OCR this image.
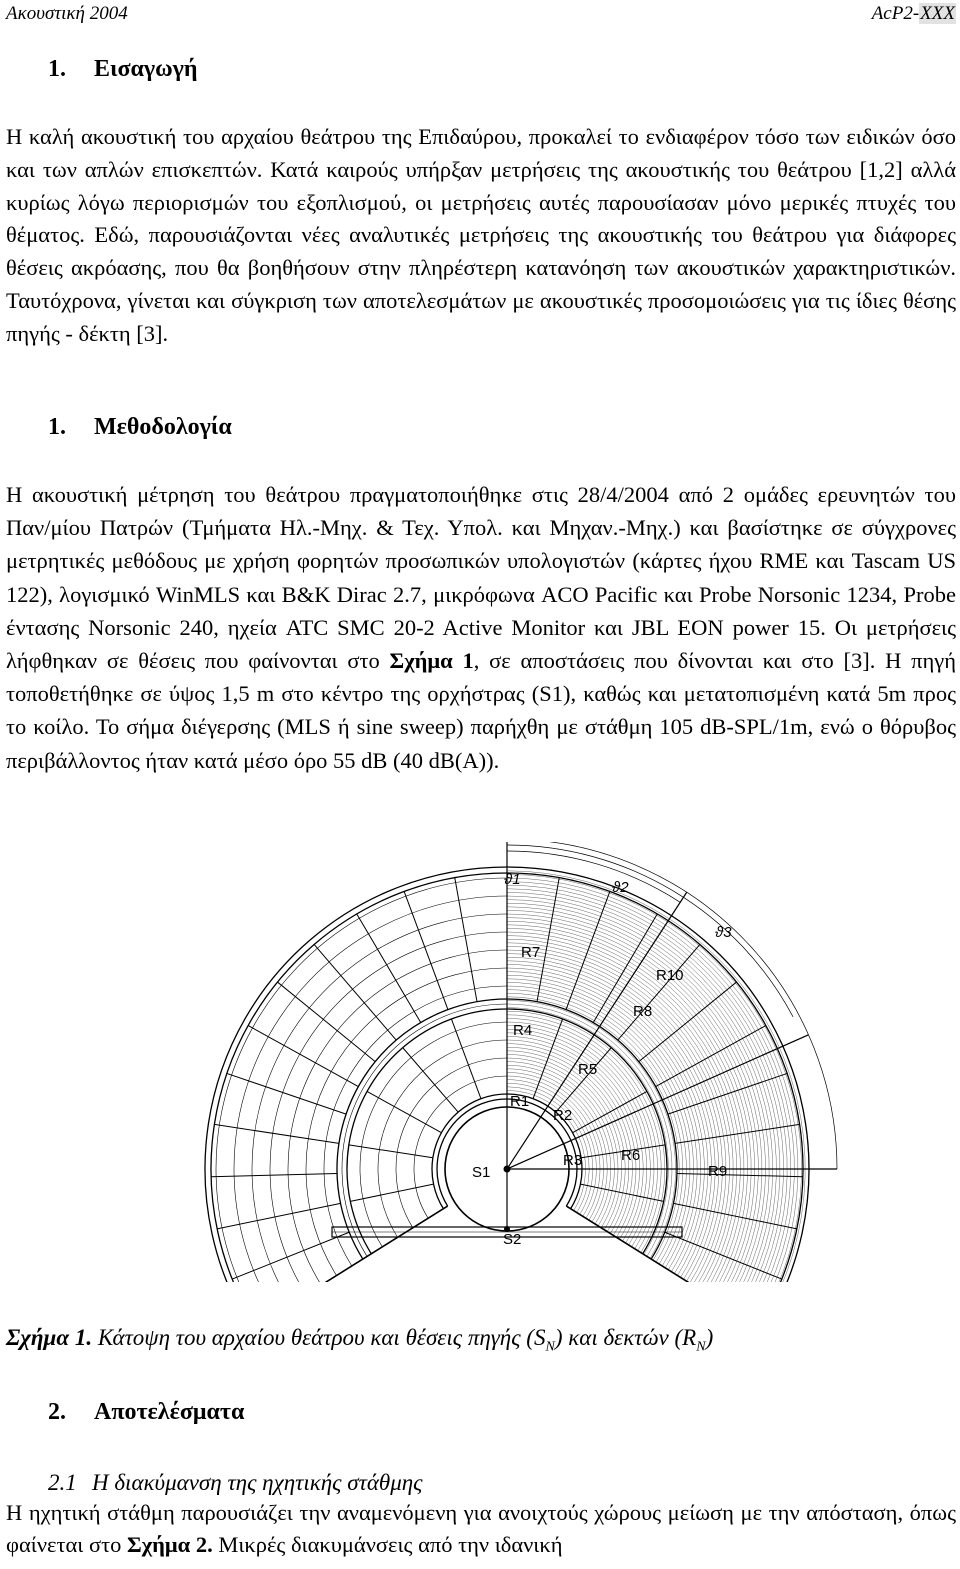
Ακουστική 2004	AcP2-XXX
1. Εισαγωγή

Η καλή ακουστική του αρχαίου θεάτρου της Επιδαύρου, προκαλεί το ενδιαφέρον τόσο των ειδικών όσο και των απλών επισκεπτών. Κατά καιρούς υπήρξαν μετρήσεις της ακουστικής του θεάτρου [1,2] αλλά κυρίως λόγω περιορισμών του εξοπλισμού, οι μετρήσεις αυτές παρουσίασαν μόνο μερικές πτυχές του θέματος. Εδώ, παρουσιάζονται νέες αναλυτικές μετρήσεις της ακουστικής του θεάτρου για διάφορες θέσεις ακρόασης, που θα βοηθήσουν στην πληρέστερη κατανόηση των ακουστικών χαρακτηριστικών. Ταυτόχρονα, γίνεται και σύγκριση των αποτελεσμάτων με ακουστικές προσομοιώσεις για τις ίδιες θέσης πηγής - δέκτη [3].

1. Μεθοδολογία

Η ακουστική μέτρηση του θεάτρου πραγματοποιήθηκε στις 28/4/2004 από 2 ομάδες ερευνητών του Παν/μίου Πατρών (Τμήματα Ηλ.-Μηχ. & Τεχ. Υπολ. και Μηχαν.-Μηχ.) και βασίστηκε σε σύγχρονες μετρητικές μεθόδους με χρήση φορητών προσωπικών υπολογιστών (κάρτες ήχου RME και Tascam US 122), λογισμικό WinMLS και B&K Dirac 2.7, μικρόφωνα ACO Pacific και Probe Norsonic 1234, Probe έντασης Norsonic 240, ηχεία ATC SMC 20-2 Active Monitor και JBL EON power 15. Οι μετρήσεις λήφθηκαν σε θέσεις που φαίνονται στο Σχήμα 1, σε αποστάσεις που δίνονται και στο [3]. Η πηγή τοποθετήθηκε σε ύψος 1,5 m στο κέντρο της ορχήστρας (S1), καθώς και μετατοπισμένη κατά 5m προς το κοίλο. Το σήμα διέγερσης (MLS ή sine sweep) παρήχθη με στάθμη 105 dB-SPL/1m, ενώ ο θόρυβος περιβάλλοντος ήταν κατά μέσο όρο 55 dB (40 dB(A)).

ϑ1	ϑ2
ϑ3
S1
S2
R1
R2
R3
R4
R5
R6
R7
R8
R9
R10
Σχήμα 1. Κάτοψη του αρχαίου θεάτρου και θέσεις πηγής $(S_N)$ και δεκτών $(R_N)$
2. Αποτελέσματα
2.1 Η διακύμανση της ηχητικής στάθμης

Η ηχητική στάθμη παρουσιάζει την αναμενόμενη για ανοιχτούς χώρους μείωση με την απόσταση, όπως φαίνεται στο Σχήμα 2. Μικρές διακυμάνσεις από την ιδανική
